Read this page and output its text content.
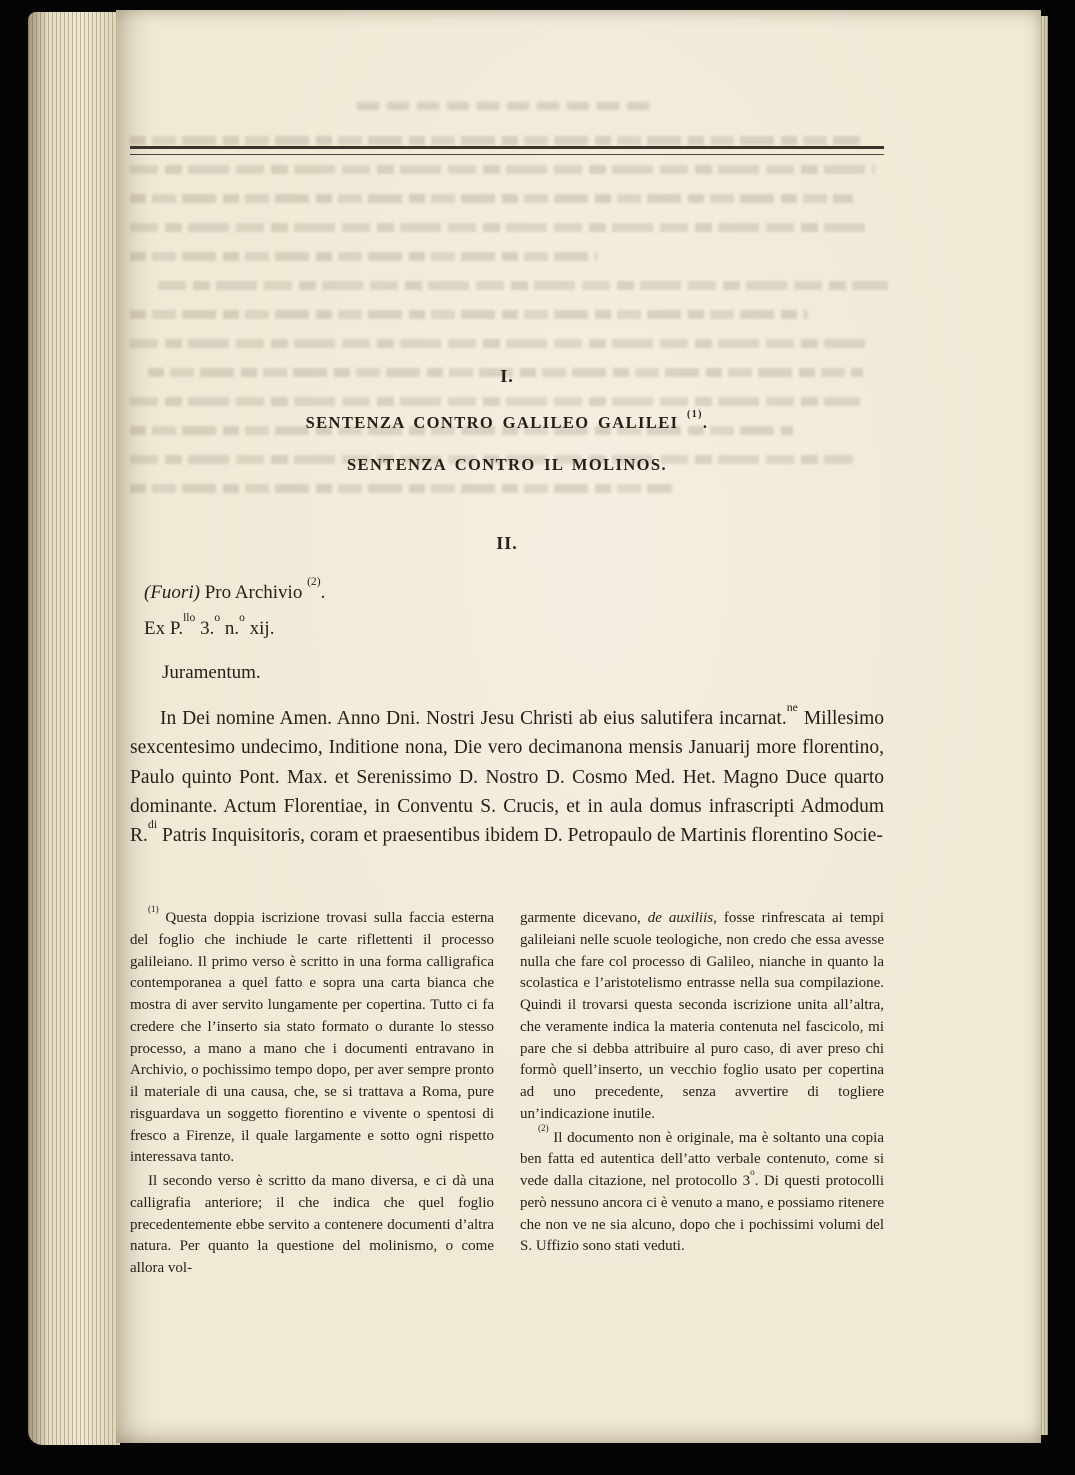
I.
SENTENZA CONTRO GALILEO GALILEI $^{(1)}$.
SENTENZA CONTRO IL MOLINOS.
II.
(Fuori) Pro Archivio $^{(2)}$.
Ex P.$^{llo}$ 3.$^o$ n.$^o$ xij.
Juramentum.

In Dei nomine Amen. Anno Dni. Nostri Jesu Christi ab eius salutifera incarnat.$^{ne}$ Millesimo sexcentesimo undecimo, Inditione nona, Die vero decimanona mensis Januarij more florentino, Paulo quinto Pont. Max. et Serenissimo D. Nostro D. Cosmo Med. Het. Magno Duce quarto dominante. Actum Florentiae, in Conventu S. Crucis, et in aula domus infrascripti Admodum R.$^{di}$ Patris Inquisitoris, coram et praesentibus ibidem D. Petropaulo de Martinis florentino Socie-

$^{(1)}$ Questa doppia iscrizione trovasi sulla faccia esterna del foglio che inchiude le carte riflettenti il processo galileiano. Il primo verso è scritto in una forma calligrafica contemporanea a quel fatto e sopra una carta bianca che mostra di aver servito lungamente per copertina. Tutto ci fa credere che l’inserto sia stato formato o durante lo stesso processo, a mano a mano che i documenti entravano in Archivio, o pochissimo tempo dopo, per aver sempre pronto il materiale di una causa, che, se si trattava a Roma, pure risguardava un soggetto fiorentino e vivente o spentosi di fresco a Firenze, il quale largamente e sotto ogni rispetto interessava tanto.

Il secondo verso è scritto da mano diversa, e ci dà una calligrafia anteriore; il che indica che quel foglio precedentemente ebbe servito a contenere documenti d’altra natura. Per quanto la questione del molinismo, o come allora vol-

garmente dicevano, de auxiliis, fosse rinfrescata ai tempi galileiani nelle scuole teologiche, non credo che essa avesse nulla che fare col processo di Galileo, nianche in quanto la scolastica e l’aristotelismo entrasse nella sua compilazione. Quindi il trovarsi questa seconda iscrizione unita all’altra, che veramente indica la materia contenuta nel fascicolo, mi pare che si debba attribuire al puro caso, di aver preso chi formò quell’inserto, un vecchio foglio usato per copertina ad uno precedente, senza avvertire di togliere un’indicazione inutile.

$^{(2)}$ Il documento non è originale, ma è soltanto una copia ben fatta ed autentica dell’atto verbale contenuto, come si vede dalla citazione, nel protocollo 3$^o$. Di questi protocolli però nessuno ancora ci è venuto a mano, e possiamo ritenere che non ve ne sia alcuno, dopo che i pochissimi volumi del S. Uffizio sono stati veduti.
